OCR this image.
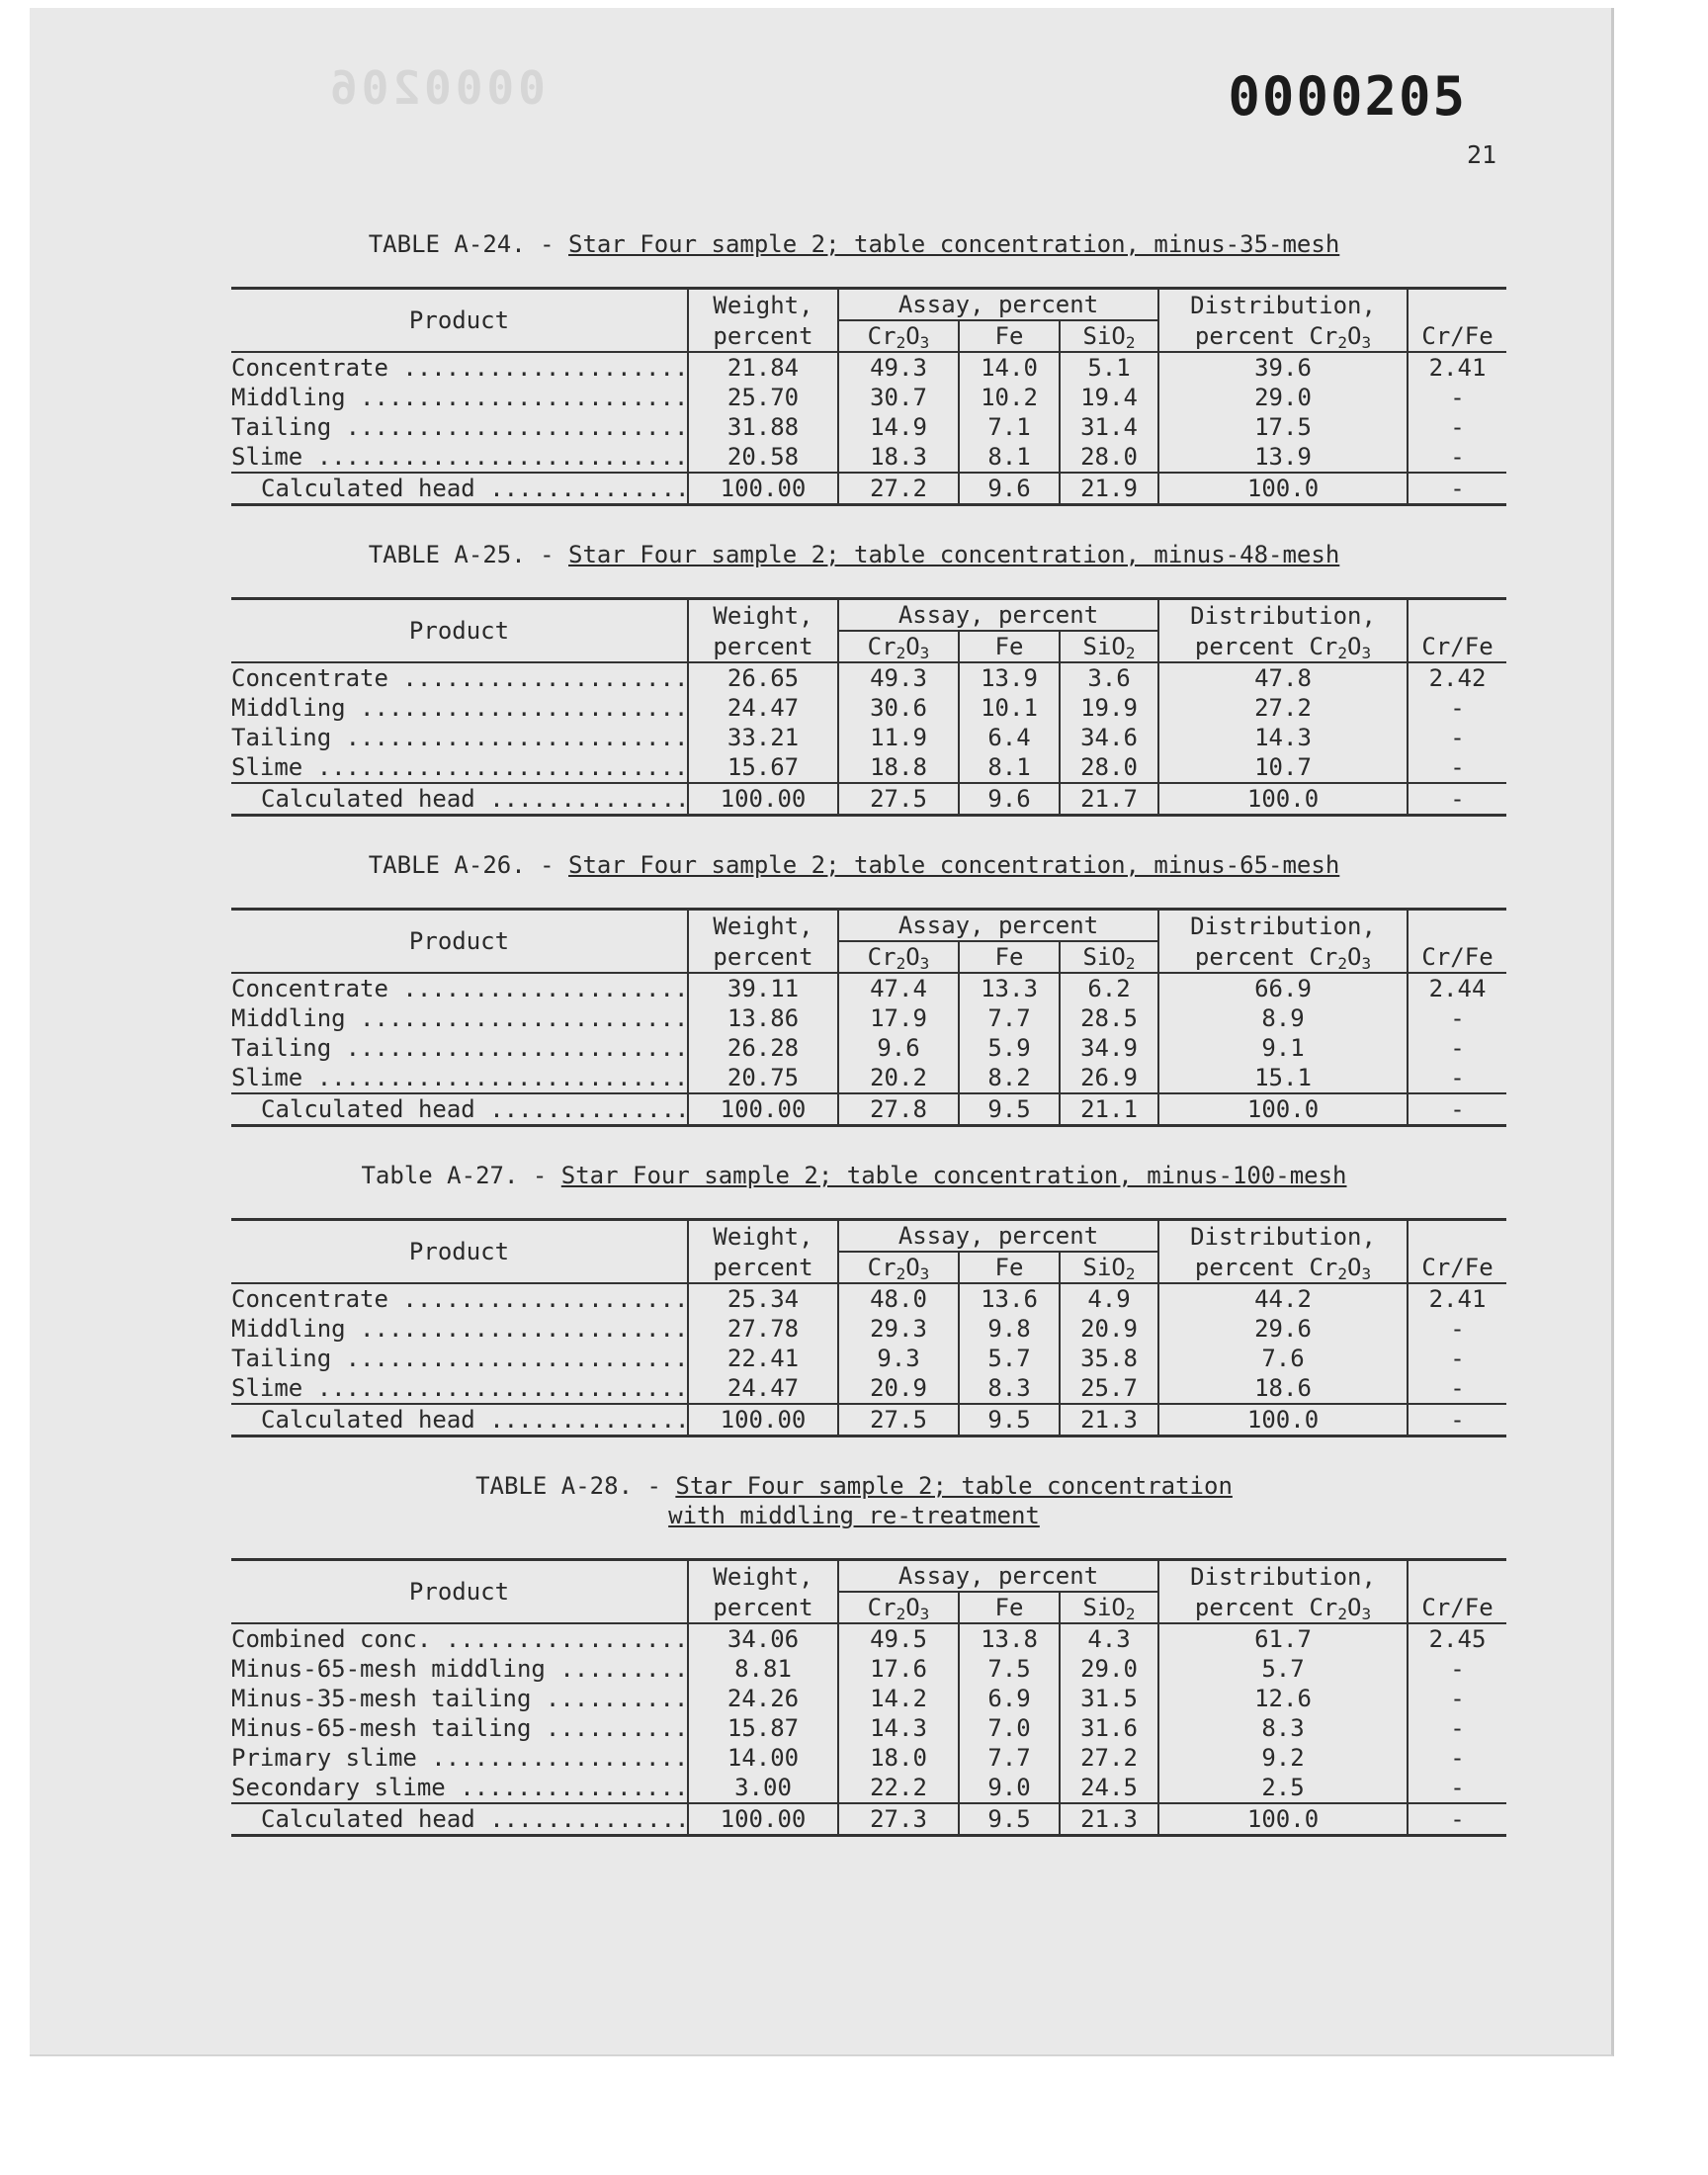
0000206	0000205
21
TABLE A-24. - Star Four sample 2; table concentration, minus-35-mesh
Product	Weight,	Assay, percent			Distribution,	Cr/Fe
	percent	$Cr_2O_3$	Fe	SiO$_2$	percent $Cr_2O_3$
Concentrate .....	21.84	49.3	14.0	5.1	39.6	2.41
Middling .....	25.70	30.7	10.2	19.4	29.0	-
Tailing .....	31.88	14.9	7.1	31.4	17.5	-
Slime .....	20.58	18.3	8.1	28.0	13.9	-
Calculated head .....	100.00	27.2	9.6	21.9	100.0	-
TABLE A-25. - Star Four sample 2; table concentration, minus-48-mesh
Product	Weight,	Assay, percent			Distribution,	Cr/Fe
	percent	$Cr_2O_3$	Fe	SiO$_2$	percent $Cr_2O_3$
Concentrate .....	26.65	49.3	13.9	3.6	47.8	2.42
Middling .....	24.47	30.6	10.1	19.9	27.2	-
Tailing .....	33.21	11.9	6.4	34.6	14.3	-
Slime .....	15.67	18.8	8.1	28.0	10.7	-
Calculated head .....	100.00	27.5	9.6	21.7	100.0	-
TABLE A-26. - Star Four sample 2; table concentration, minus-65-mesh
Product	Weight,	Assay, percent			Distribution,	Cr/Fe
	percent	$Cr_2O_3$	Fe	SiO$_2$	percent $Cr_2O_3$
Concentrate .....	39.11	47.4	13.3	6.2	66.9	2.44
Middling .....	13.86	17.9	7.7	28.5	8.9	-
Tailing .....	26.28	9.6	5.9	34.9	9.1	-
Slime .....	20.75	20.2	8.2	26.9	15.1	-
Calculated head .....	100.00	27.8	9.5	21.1	100.0	-
Table A-27. - Star Four sample 2; table concentration, minus-100-mesh
Product	Weight,	Assay, percent			Distribution,	Cr/Fe
	percent	$Cr_2O_3$	Fe	SiO$_2$	percent $Cr_2O_3$
Concentrate .....	25.34	48.0	13.6	4.9	44.2	2.41
Middling .....	27.78	29.3	9.8	20.9	29.6	-
Tailing .....	22.41	9.3	5.7	35.8	7.6	-
Slime .....	24.47	20.9	8.3	25.7	18.6	-
Calculated head .....	100.00	27.5	9.5	21.3	100.0	-
TABLE A-28. - Star Four sample 2; table concentration
with middling re-treatment
Product	Weight,	Assay, percent			Distribution,	Cr/Fe
	percent	$Cr_2O_3$	Fe	SiO$_2$	percent $Cr_2O_3$
Combined conc. .....	34.06	49.5	13.8	4.3	61.7	2.45
Minus-65-mesh middling .....	8.81	17.6	7.5	29.0	5.7	-
Minus-35-mesh tailing .....	24.26	14.2	6.9	31.5	12.6	-
Minus-65-mesh tailing .....	15.87	14.3	7.0	31.6	8.3	-
Primary slime .....	14.00	18.0	7.7	27.2	9.2	-
Secondary slime .....	3.00	22.2	9.0	24.5	2.5	-
Calculated head .....	100.00	27.3	9.5	21.3	100.0	-
